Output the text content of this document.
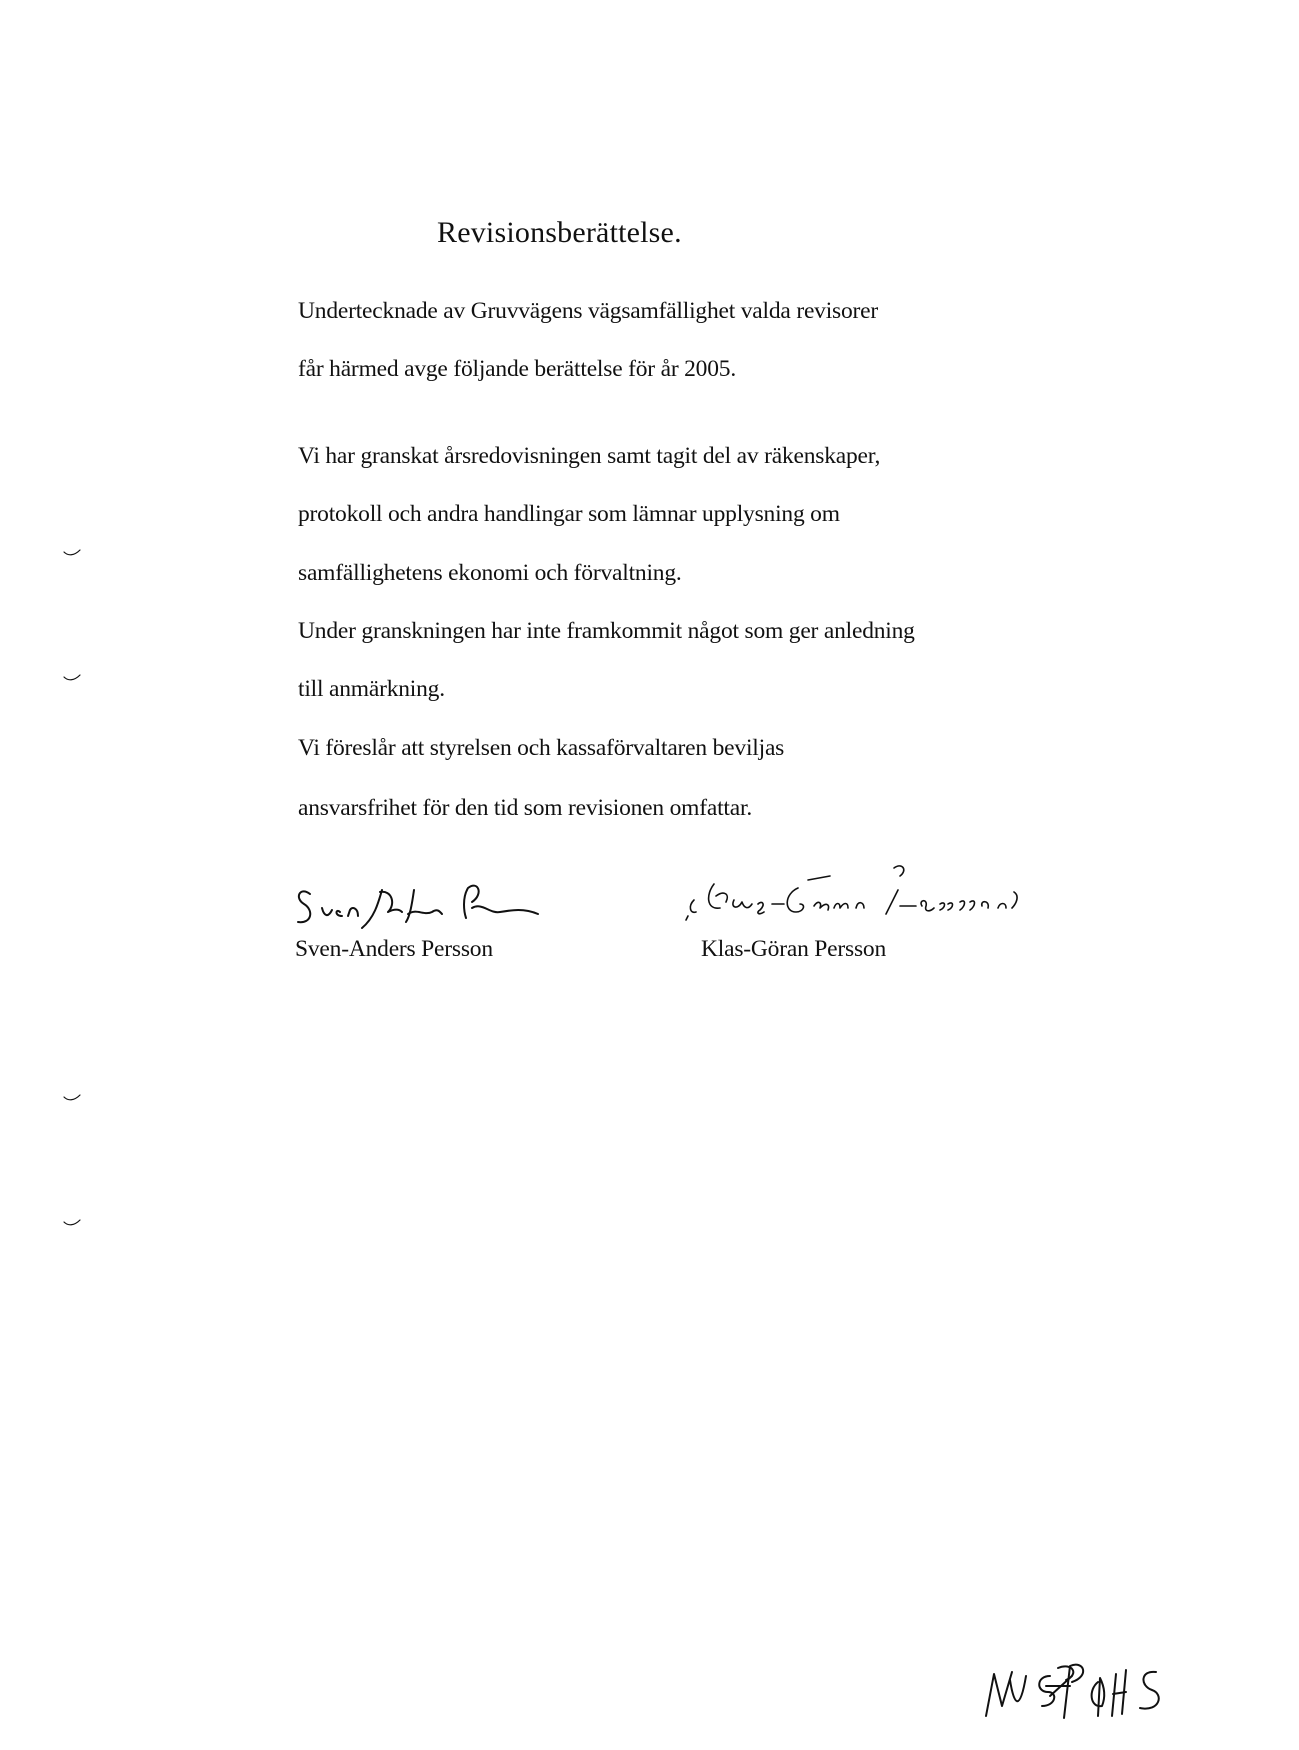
Revisionsberättelse.
Undertecknade av Gruvvägens vägsamfällighet valda revisorer
får härmed avge följande berättelse för år 2005.
Vi har granskat årsredovisningen samt tagit del av räkenskaper,
protokoll och andra handlingar som lämnar upplysning om
samfällighetens ekonomi och förvaltning.
Under granskningen har inte framkommit något som ger anledning
till anmärkning.
Vi föreslår att styrelsen och kassaförvaltaren beviljas
ansvarsfrihet för den tid som revisionen omfattar.
Sven-Anders Persson	Klas-Göran Persson
